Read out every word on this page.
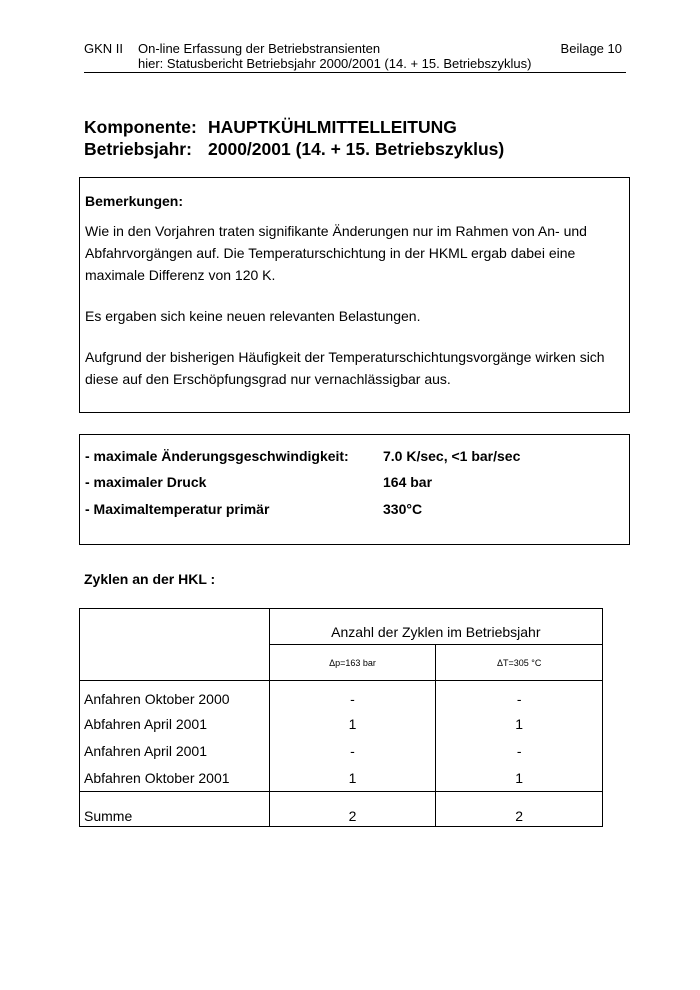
GKN II On-line Erfassung der Betriebstransienten
hier: Statusbericht Betriebsjahr 2000/2001 (14. + 15. Betriebszyklus)
Beilage 10
Komponente: HAUPTKÜHLMITTELLEITUNG
Betriebsjahr: 2000/2001 (14. + 15. Betriebszyklus)

Bemerkungen:

Wie in den Vorjahren traten signifikante Änderungen nur im Rahmen von An- und

Abfahrvorgängen auf. Die Temperaturschichtung in der HKML ergab dabei eine

maximale Differenz von 120 K.

Es ergaben sich keine neuen relevanten Belastungen.

Aufgrund der bisherigen Häufigkeit der Temperaturschichtungsvorgänge wirken sich

diese auf den Erschöpfungsgrad nur vernachlässigbar aus.

- maximale Änderungsgeschwindigkeit: 7.0 K/sec, <1 bar/sec
- maximaler Druck	164 bar
- Maximaltemperatur primär	330°C
Zyklen an der HKL :
	Anzahl der Zyklen im Betriebsjahr	
	Δp=163 bar	ΔT=305 °C
Anfahren Oktober 2000	-	-
Abfahren April 2001	1	1
Anfahren April 2001	-	-
Abfahren Oktober 2001	1	1
Summe	2	2
